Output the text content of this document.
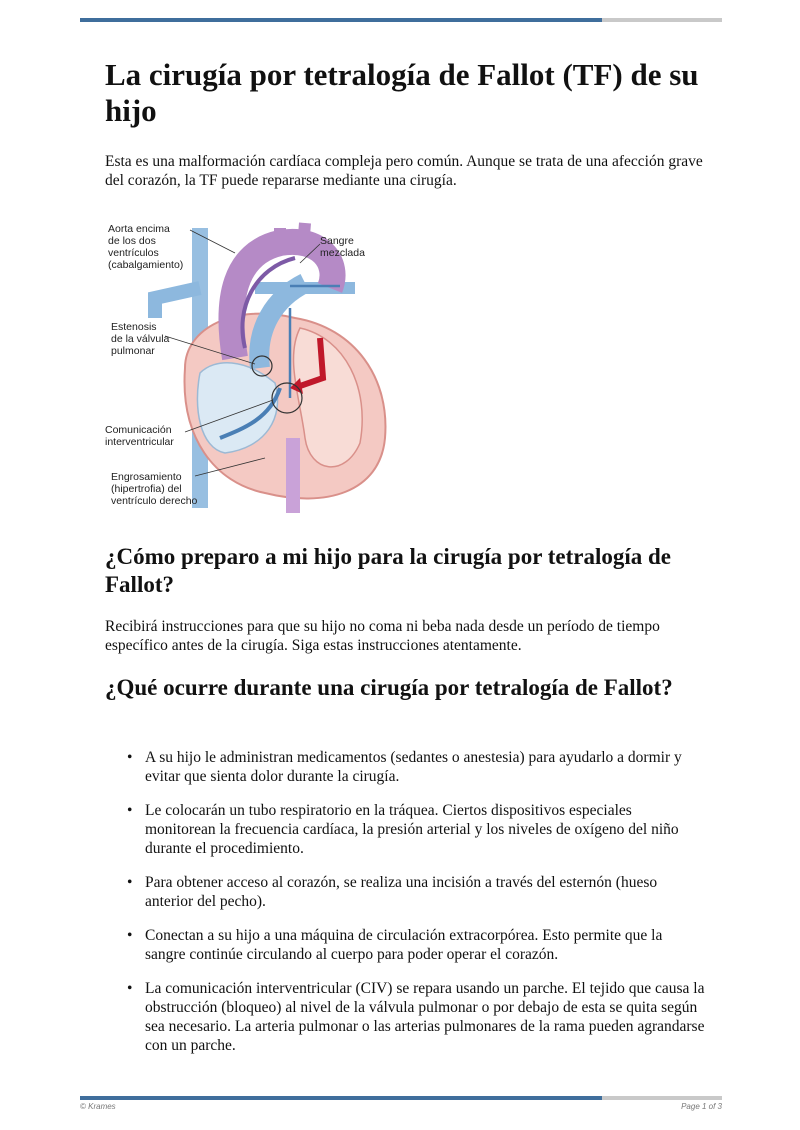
La cirugía por tetralogía de Fallot (TF) de su hijo

Esta es una malformación cardíaca compleja pero común. Aunque se trata de una afección grave del corazón, la TF puede repararse mediante una cirugía.

Aorta encima de los dos ventrículos (cabalgamiento)
Sangre mezclada
Estenosis de la válvula pulmonar
Comunicación interventricular
Engrosamiento (hipertrofia) del ventrículo derecho
¿Cómo preparo a mi hijo para la cirugía por tetralogía de Fallot?

Recibirá instrucciones para que su hijo no coma ni beba nada desde un período de tiempo específico antes de la cirugía. Siga estas instrucciones atentamente.

¿Qué ocurre durante una cirugía por tetralogía de Fallot?
• A su hijo le administran medicamentos (sedantes o anestesia) para ayudarlo a dormir y evitar que sienta dolor durante la cirugía.
• Le colocarán un tubo respiratorio en la tráquea. Ciertos dispositivos especiales monitorean la frecuencia cardíaca, la presión arterial y los niveles de oxígeno del niño durante el procedimiento.
• Para obtener acceso al corazón, se realiza una incisión a través del esternón (hueso anterior del pecho).
• Conectan a su hijo a una máquina de circulación extracorpórea. Esto permite que la sangre continúe circulando al cuerpo para poder operar el corazón.
• La comunicación interventricular (CIV) se repara usando un parche. El tejido que causa la obstrucción (bloqueo) al nivel de la válvula pulmonar o por debajo de esta se quita según sea necesario. La arteria pulmonar o las arterias pulmonares de la rama pueden agrandarse con un parche.
© Krames	Page 1 of 3
